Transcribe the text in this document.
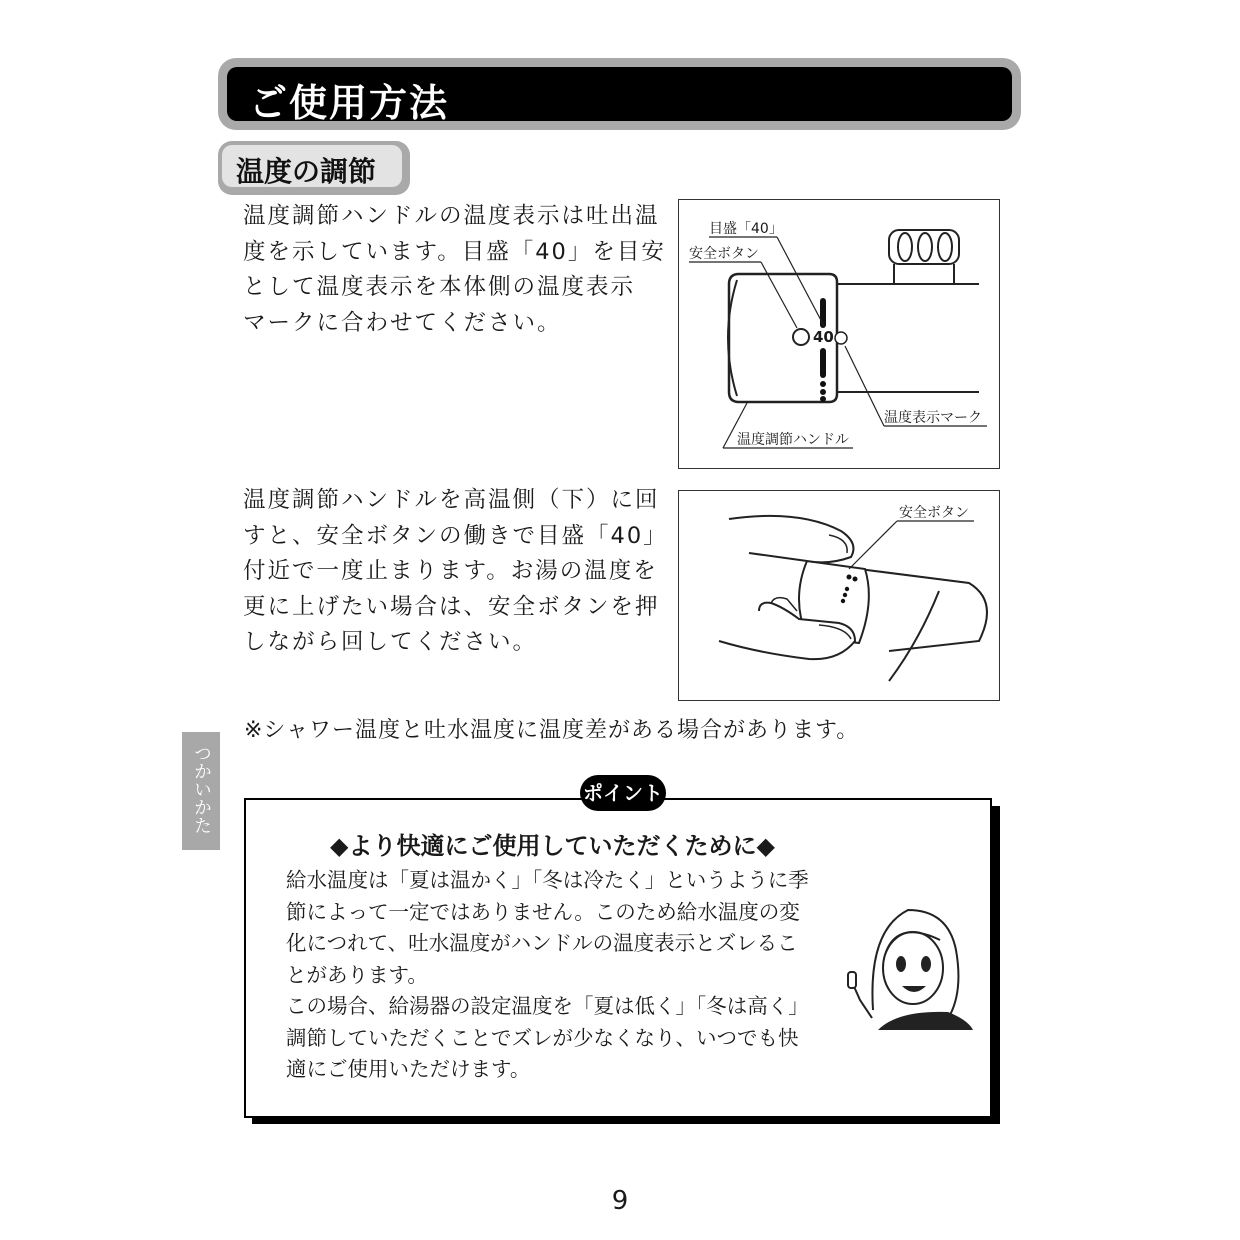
ご使用方法
温度の調節
温度調節ハンドルの温度表示は吐出温
度を示しています。目盛「40」を目安
として温度表示を本体側の温度表示
マークに合わせてください。
目盛「40」
安全ボタン
40
温度表示マーク
温度調節ハンドル
温度調節ハンドルを高温側（下）に回
すと、安全ボタンの働きで目盛「40」
付近で一度止まります。お湯の温度を
更に上げたい場合は、安全ボタンを押
しながら回してください。
安全ボタン
※シャワー温度と吐水温度に温度差がある場合があります。
つかいかた	ポイント
◆より快適にご使用していただくために◆
給水温度は「夏は温かく」「冬は冷たく」というように季
節によって一定ではありません。このため給水温度の変
化につれて、吐水温度がハンドルの温度表示とズレるこ
とがあります。
この場合、給湯器の設定温度を「夏は低く」「冬は高く」
調節していただくことでズレが少なくなり、いつでも快
適にご使用いただけます。
9
